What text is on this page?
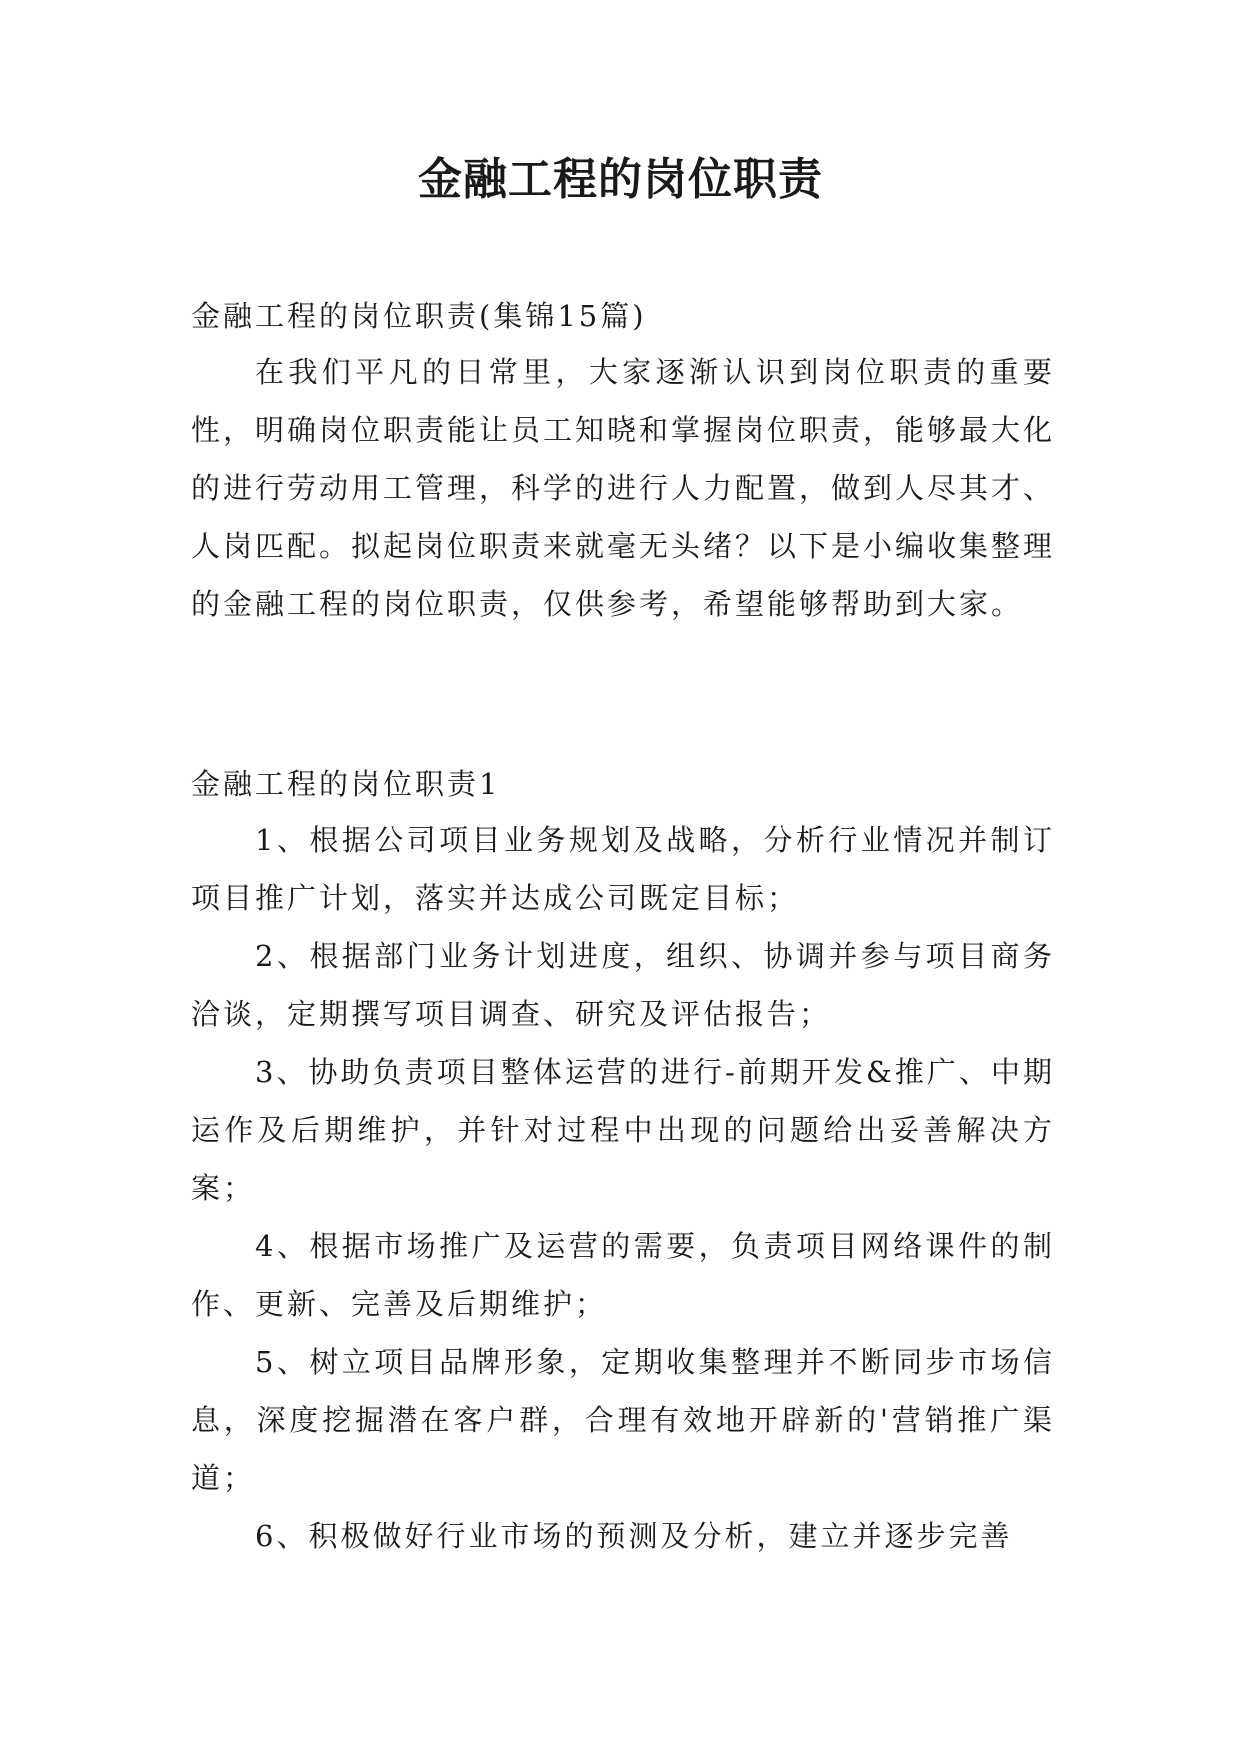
金融工程的岗位职责

金融工程的岗位职责(集锦15篇)

在我们平凡的日常里，大家逐渐认识到岗位职责的重要性，明确岗位职责能让员工知晓和掌握岗位职责，能够最大化的进行劳动用工管理，科学的进行人力配置，做到人尽其才、人岗匹配。拟起岗位职责来就毫无头绪？以下是小编收集整理的金融工程的岗位职责，仅供参考，希望能够帮助到大家。

金融工程的岗位职责1

1、根据公司项目业务规划及战略，分析行业情况并制订项目推广计划，落实并达成公司既定目标；
2、根据部门业务计划进度，组织、协调并参与项目商务洽谈，定期撰写项目调查、研究及评估报告；
3、协助负责项目整体运营的进行-前期开发&推广、中期运作及后期维护，并针对过程中出现的问题给出妥善解决方案；
4、根据市场推广及运营的需要，负责项目网络课件的制作、更新、完善及后期维护；
5、树立项目品牌形象，定期收集整理并不断同步市场信息，深度挖掘潜在客户群，合理有效地开辟新的'营销推广渠道；
6、积极做好行业市场的预测及分析，建立并逐步完善
